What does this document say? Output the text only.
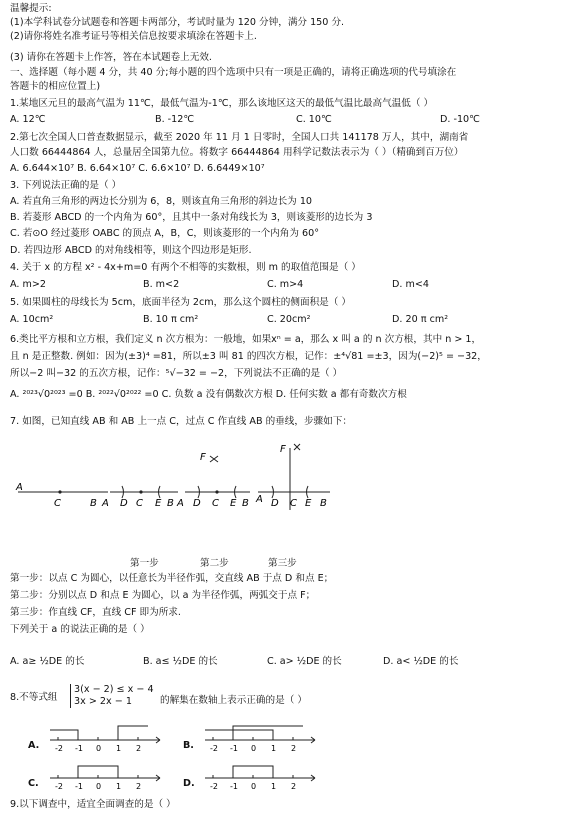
温馨提示:
(1)本学科试卷分试题卷和答题卡两部分，考试时量为 120 分钟，满分 150 分.
(2)请你将姓名准考证号等相关信息按要求填涂在答题卡上.
(3) 请你在答题卡上作答，答在本试题卷上无效.
一、选择题（每小题 4 分，共 40 分;每小题的四个选项中只有一项是正确的，请将正确选项的代号填涂在
答题卡的相应位置上)
1.某地区元旦的最高气温为 11℃，最低气温为-1℃，那么该地区这天的最低气温比最高气温低（ ）
A. 12℃	B. -12℃	C. 10℃	D. -10℃
2.第七次全国人口普查数据显示，截至 2020 年 11 月 1 日零时，全国人口共 141178 万人，其中，湖南省
人口数 66444864 人，总量居全国第九位。将数字 66444864 用科学记数法表示为（ ）（精确到百万位）
A. 6.644×10⁷ B. 6.64×10⁷ C. 6.6×10⁷ D. 6.6449×10⁷
3. 下列说法正确的是（ ）
A. 若直角三角形的两边长分别为 6，8，则该直角三角形的斜边长为 10
B. 若菱形 ABCD 的一个内角为 60°，且其中一条对角线长为 3，则该菱形的边长为 3
C. 若⊙O 经过菱形 OABC 的顶点 A，B，C，则该菱形的一个内角为 60°
D. 若四边形 ABCD 的对角线相等，则这个四边形是矩形.
4. 关于 x 的方程 x² - 4x+m=0 有两个不相等的实数根，则 m 的取值范围是（ ）
A. m>2	B. m<2	C. m>4	D. m<4
5. 如果圆柱的母线长为 5cm，底面半径为 2cm，那么这个圆柱的侧面积是（ ）
A. 10cm²	B. 10 π cm²	C. 20cm²	D. 20 π cm²
6.类比平方根和立方根，我们定义 n 次方根为：一般地，如果xⁿ = a，那么 x 叫 a 的 n 次方根，其中 n > 1，
且 n 是正整数. 例如：因为(±3)⁴ =81，所以±3 叫 81 的四次方根，记作：±⁴√81 =±3，因为(−2)⁵ = −32，
所以−2 叫−32 的五次方根，记作：⁵√−32 = −2，下列说法不正确的是（ ）
A. ²⁰²³√0²⁰²³ =0 B. ²⁰²²√0²⁰²² =0 C. 负数 a 没有偶数次方根 D. 任何实数 a 都有奇数次方根
7. 如图，已知直线 AB 和 AB 上一点 C，过点 C 作直线 AB 的垂线，步骤如下：
A
C	B A D C E B
F
A D C E B
F
A D C E B
第一步	第二步	第三步
第一步：以点 C 为圆心，以任意长为半径作弧，交直线 AB 于点 D 和点 E；
第二步：分别以点 D 和点 E 为圆心，以 a 为半径作弧，两弧交于点 F；
第三步：作直线 CF，直线 CF 即为所求.
下列关于 a 的说法正确的是（ ）
A. a≥ ½DE 的长	B. a≤ ½DE 的长	C. a> ½DE 的长	D. a< ½DE 的长
8.不等式组
3(x − 2) ≤ x − 4
3x > 2x − 1	的解集在数轴上表示正确的是（ ）
A.	B.
C.	D.
-2 -1 0 1 2	-2 -1 0 1 2
-2 -1 0 1 2	-2 -1 0 1 2
9.以下调查中，适宜全面调查的是（ ）
